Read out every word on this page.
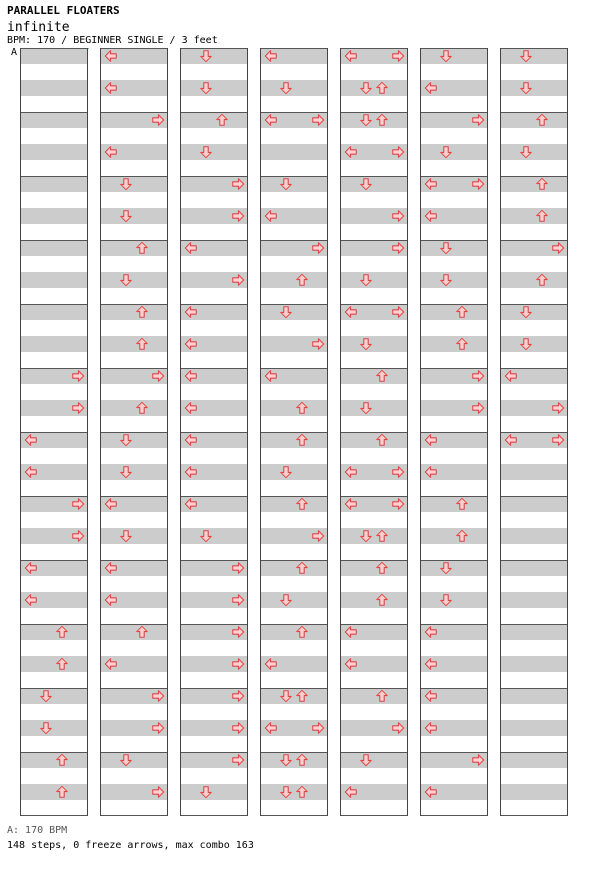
PARALLEL FLOATERS
infinite
BPM: 170 / BEGINNER SINGLE / 3 feet
A
A: 170 BPM
148 steps, 0 freeze arrows, max combo 163
